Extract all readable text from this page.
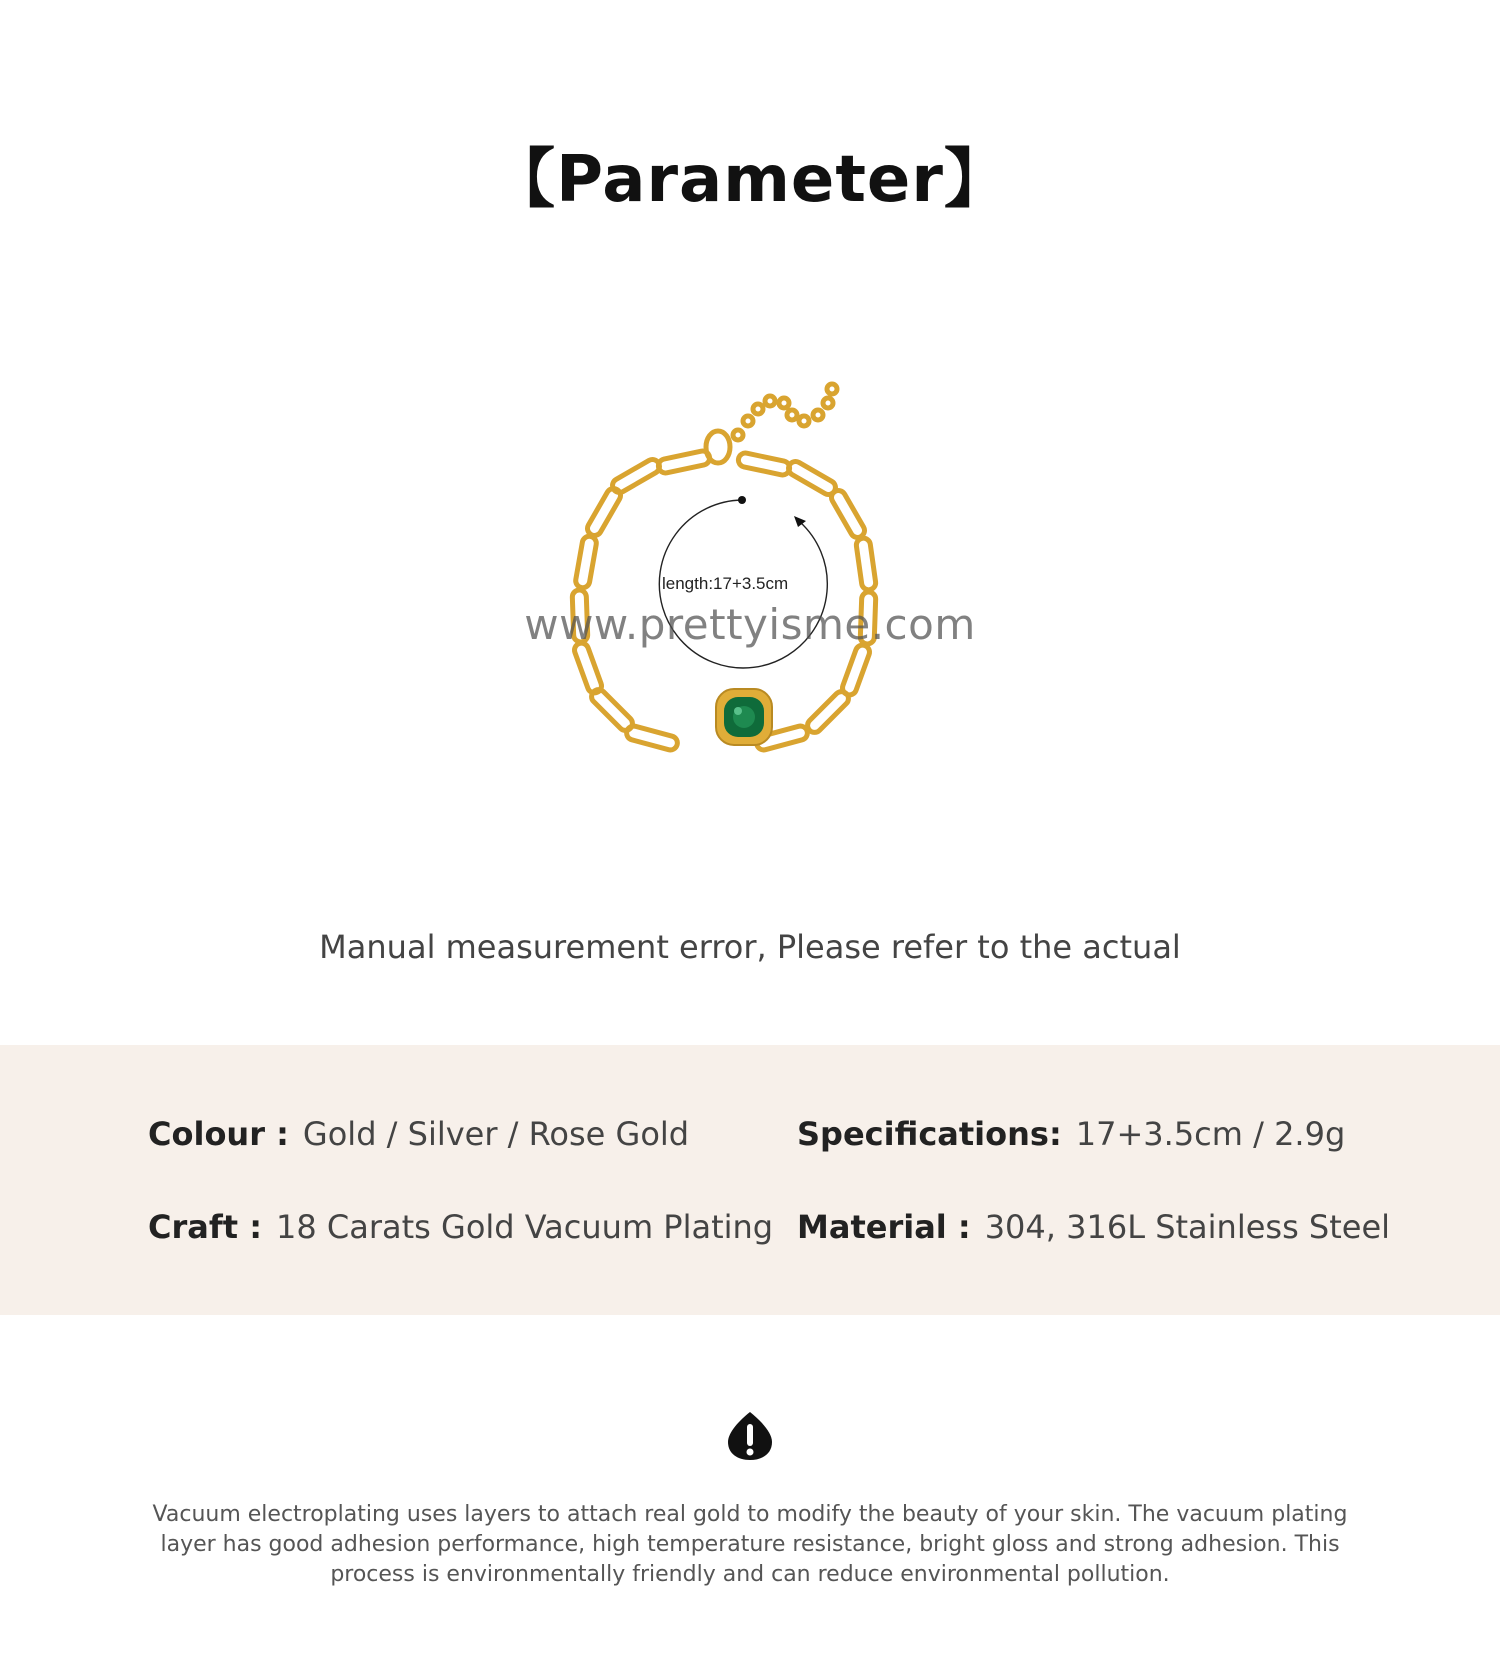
【Parameter】
length:17+3.5cm
www.prettyisme.com
Manual measurement error, Please refer to the actual
Colour : Gold / Silver / Rose Gold	Specifications: 17+3.5cm / 2.9g
Craft : 18 Carats Gold Vacuum Plating Material : 304, 316L Stainless Steel
Vacuum electroplating uses layers to attach real gold to modify the beauty of your skin. The vacuum plating layer has good adhesion performance, high temperature resistance, bright gloss and strong adhesion. This process is environmentally friendly and can reduce environmental pollution.
